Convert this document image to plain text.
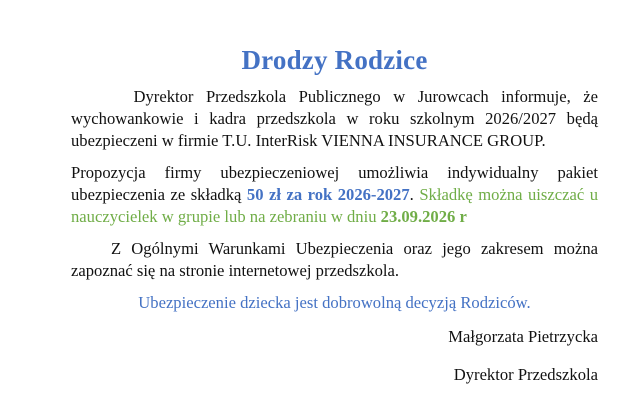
Drodzy Rodzice

Dyrektor Przedszkola Publicznego w Jurowcach informuje, że wychowankowie i kadra przedszkola w roku szkolnym 2026/2027 będą ubezpieczeni w firmie T.U. InterRisk VIENNA INSURANCE GROUP.

Propozycja firmy ubezpieczeniowej umożliwia indywidualny pakiet ubezpieczenia ze składką 50 zł za rok 2026-2027. Składkę można uiszczać u nauczycielek w grupie lub na zebraniu w dniu 23.09.2026 r

Z Ogólnymi Warunkami Ubezpieczenia oraz jego zakresem można zapoznać się na stronie internetowej przedszkola.

Ubezpieczenie dziecka jest dobrowolną decyzją Rodziców.

Małgorzata Pietrzycka

Dyrektor Przedszkola
